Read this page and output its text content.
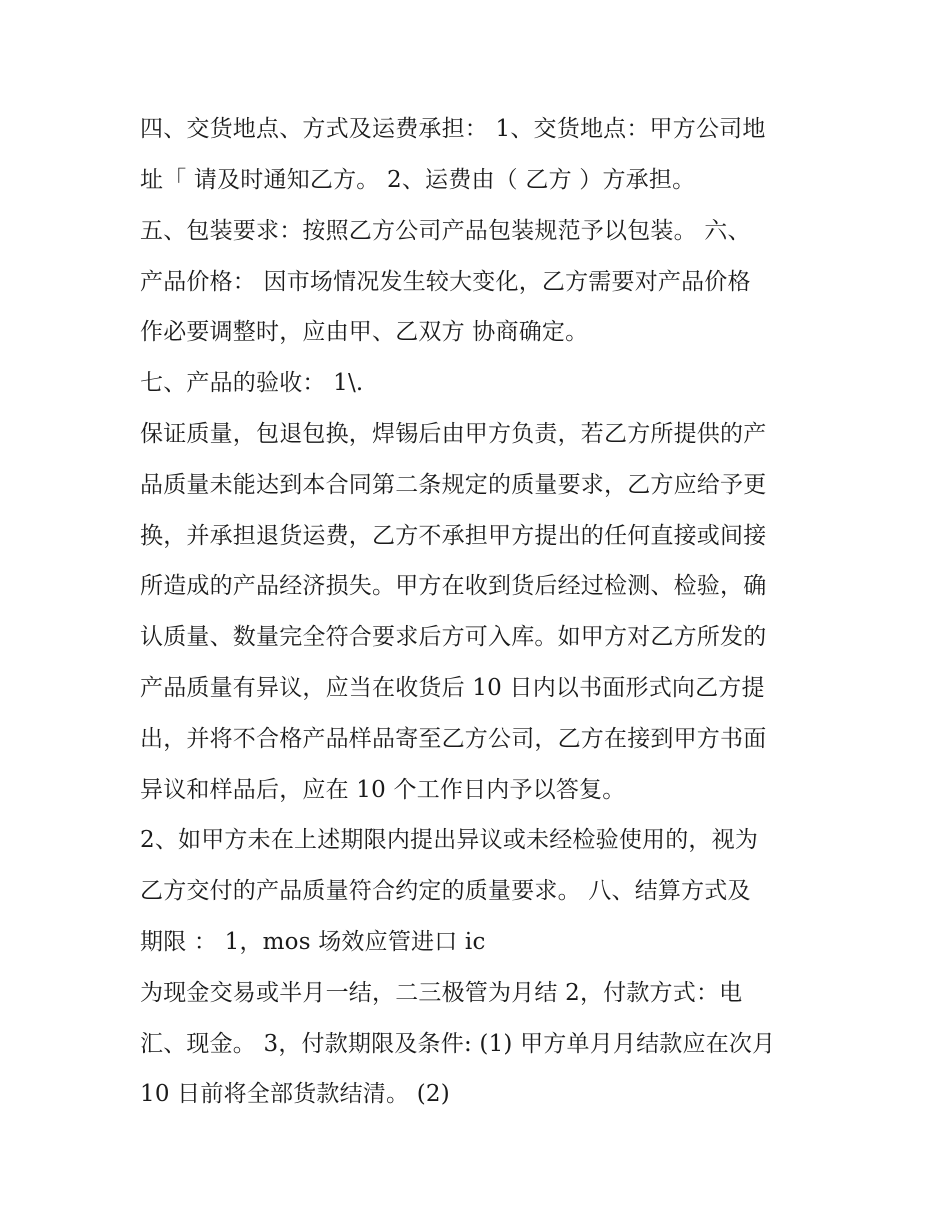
四、交货地点、方式及运费承担： 1、交货地点：甲方公司地

址「 请及时通知乙方。 2、运费由（ 乙方 ）方承担。

五、包装要求：按照乙方公司产品包装规范予以包装。 六、

产品价格： 因市场情况发生较大变化，乙方需要对产品价格

作必要调整时，应由甲、乙双方 协商确定。

七、产品的验收： 1\.

保证质量，包退包换，焊锡后由甲方负责，若乙方所提供的产

品质量未能达到本合同第二条规定的质量要求，乙方应给予更

换，并承担退货运费，乙方不承担甲方提出的任何直接或间接

所造成的产品经济损失。甲方在收到货后经过检测、检验，确

认质量、数量完全符合要求后方可入库。如甲方对乙方所发的

产品质量有异议，应当在收货后 10 日内以书面形式向乙方提

出，并将不合格产品样品寄至乙方公司，乙方在接到甲方书面

异议和样品后，应在 10 个工作日内予以答复。

2、如甲方未在上述期限内提出异议或未经检验使用的，视为

乙方交付的产品质量符合约定的质量要求。 八、结算方式及

期限 ： 1，mos 场效应管进口 ic

为现金交易或半月一结，二三极管为月结 2，付款方式：电

汇、现金。 3，付款期限及条件: (1) 甲方单月月结款应在次月

10 日前将全部货款结清。 (2)
